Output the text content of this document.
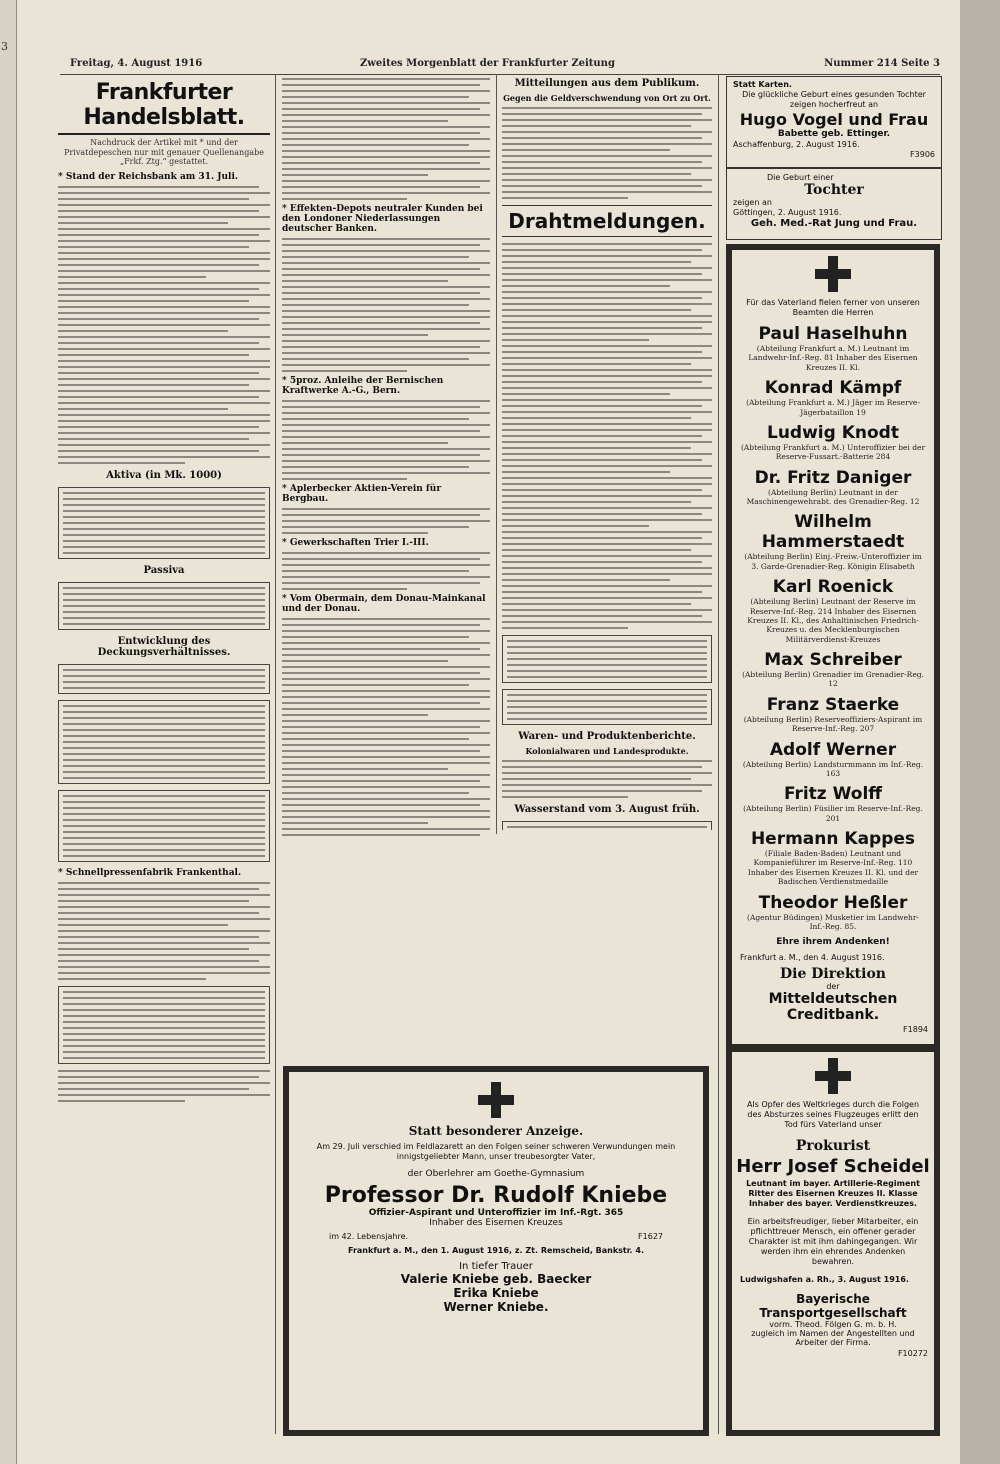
3
Freitag, 4. August 1916	Zweites Morgenblatt der Frankfurter Zeitung	Nummer 214 Seite 3
Frankfurter Handelsblatt.
Nachdruck der Artikel mit * und der Privatdepeschen nur mit genauer Quellenangabe „Frkf. Ztg.“ gestattet.
* Stand der Reichsbank am 31. Juli.
Aktiva (in Mk. 1000)
Passiva
Entwicklung des Deckungsverhältnisses.
* Schnellpressenfabrik Frankenthal.
* Effekten-Depots neutraler Kunden bei den Londoner Niederlassungen deutscher Banken.
* 5proz. Anleihe der Bernischen Kraftwerke A.-G., Bern.
* Aplerbecker Aktien-Verein für Bergbau.
* Gewerkschaften Trier I.-III.
* Vom Obermain, dem Donau-Mainkanal und der Donau.
Mitteilungen aus dem Publikum.
Gegen die Geldverschwendung von Ort zu Ort.
Drahtmeldungen.
Waren- und Produktenberichte.
Kolonialwaren und Landesprodukte.
Wasserstand vom 3. August früh.
Statt Karten.
Die glückliche Geburt eines gesunden Tochter zeigen hocherfreut an
Hugo Vogel und Frau
Babette geb. Ettinger.
Aschaffenburg, 2. August 1916.
F3906
Die Geburt einer
Tochter
zeigen an
Göttingen, 2. August 1916.
Geh. Med.-Rat Jung und Frau.
Für das Vaterland fielen ferner von unseren Beamten die Herren
Paul Haselhuhn
(Abteilung Frankfurt a. M.) Leutnant im Landwehr-Inf.-Reg. 81 Inhaber des Eisernen Kreuzes II. Kl.
Konrad Kämpf
(Abteilung Frankfurt a. M.) Jäger im Reserve-Jägerbataillon 19
Ludwig Knodt
(Abteilung Frankfurt a. M.) Unteroffizier bei der Reserve-Fussart.-Batterie 284
Dr. Fritz Daniger
(Abteilung Berlin) Leutnant in der Maschinengewehrabt. des Grenadier-Reg. 12
Wilhelm Hammerstaedt
(Abteilung Berlin) Einj.-Freiw.-Unteroffizier im 3. Garde-Grenadier-Reg. Königin Elisabeth
Karl Roenick
(Abteilung Berlin) Leutnant der Reserve im Reserve-Inf.-Reg. 214 Inhaber des Eisernen Kreuzes II. Kl., des Anhaltinischen Friedrich-Kreuzes u. des Mecklenburgischen Militärverdienst-Kreuzes
Max Schreiber
(Abteilung Berlin) Grenadier im Grenadier-Reg. 12
Franz Staerke
(Abteilung Berlin) Reserveoffiziers-Aspirant im Reserve-Inf.-Reg. 207
Adolf Werner
(Abteilung Berlin) Landsturmmann im Inf.-Reg. 163
Fritz Wolff
(Abteilung Berlin) Füsilier im Reserve-Inf.-Reg. 201
Hermann Kappes
(Filiale Baden-Baden) Leutnant und Kompanieführer im Reserve-Inf.-Reg. 110 Inhaber des Eisernen Kreuzes II. Kl. und der Badischen Verdienstmedaille
Theodor Heßler
(Agentur Büdingen) Musketier im Landwehr-Inf.-Reg. 85.
Ehre ihrem Andenken!
Frankfurt a. M., den 4. August 1916.
Die Direktion
der
Mitteldeutschen Creditbank.
F1894
Als Opfer des Weltkrieges durch die Folgen des Absturzes seines Flugzeuges erlitt den Tod fürs Vaterland unser
Prokurist
Herr Josef Scheidel
Leutnant im bayer. Artillerie-Regiment Ritter des Eisernen Kreuzes II. Klasse Inhaber des bayer. Verdienstkreuzes.
Ein arbeitsfreudiger, lieber Mitarbeiter, ein pflichttreuer Mensch, ein offener gerader Charakter ist mit ihm dahingegangen. Wir werden ihm ein ehrendes Andenken bewahren.
Ludwigshafen a. Rh., 3. August 1916.
Bayerische Transportgesellschaft
vorm. Theod. Fölgen G. m. b. H.
zugleich im Namen der Angestellten und Arbeiter der Firma.
F10272
Statt besonderer Anzeige.
Am 29. Juli verschied im Feldlazarett an den Folgen seiner schweren Verwundungen mein innigstgeliebter Mann, unser treubesorgter Vater,
der Oberlehrer am Goethe-Gymnasium
Professor Dr. Rudolf Kniebe
Offizier-Aspirant und Unteroffizier im Inf.-Rgt. 365
Inhaber des Eisernen Kreuzes
im 42. Lebensjahre.	F1627
Frankfurt a. M., den 1. August 1916, z. Zt. Remscheid, Bankstr. 4.
In tiefer Trauer
Valerie Kniebe geb. Baecker
Erika Kniebe
Werner Kniebe.
